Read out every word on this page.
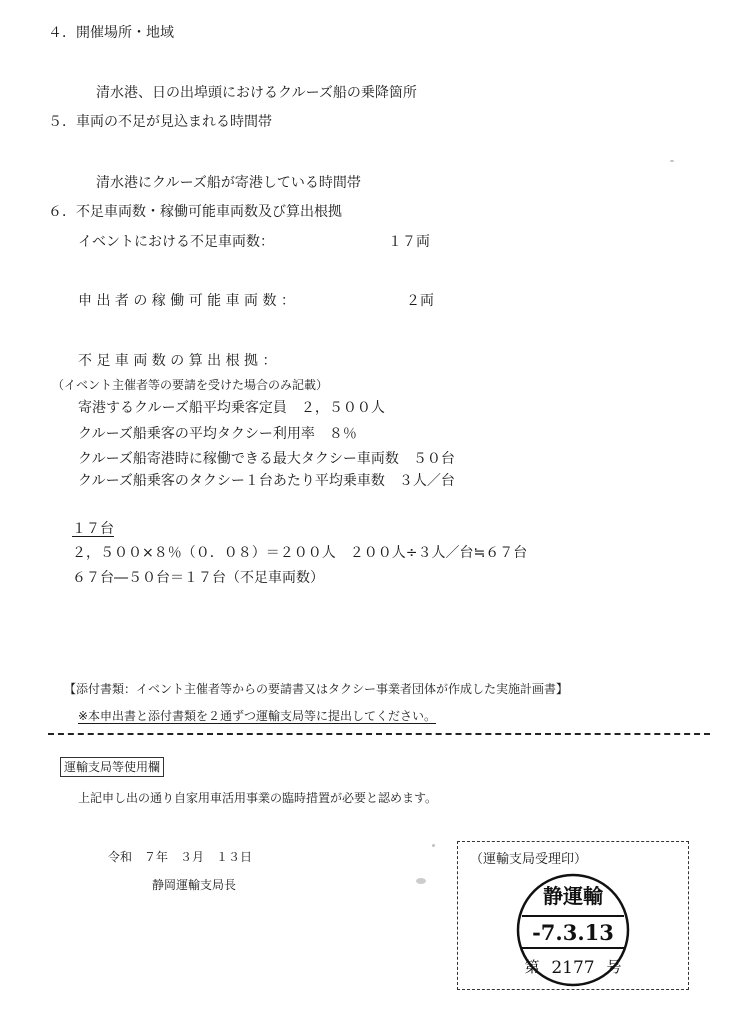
４．開催場所・地域
清水港、日の出埠頭におけるクルーズ船の乗降箇所
５．車両の不足が見込まれる時間帯
清水港にクルーズ船が寄港している時間帯
６．不足車両数・稼働可能車両数及び算出根拠
イベントにおける不足車両数：	１７両
申 出 者 の 稼 働 可 能 車 両 数 ：	２両
不 足 車 両 数 の 算 出 根 拠 ：
（イベント主催者等の要請を受けた場合のみ記載）
寄港するクルーズ船平均乗客定員　２，５００人
クルーズ船乗客の平均タクシー利用率　８％
クルーズ船寄港時に稼働できる最大タクシー車両数　５０台
クルーズ船乗客のタクシー１台あたり平均乗車数　３人／台
１７台
２，５００×８％（０．０８）＝２００人　２００人÷３人／台≒６７台
６７台―５０台＝１７台（不足車両数）
【添付書類：イベント主催者等からの要請書又はタクシー事業者団体が作成した実施計画書】
※本申出書と添付書類を２通ずつ運輸支局等に提出してください。
運輸支局等使用欄
上記申し出の通り自家用車活用事業の臨時措置が必要と認めます。
令和　７年　３月　１３日
静岡運輸支局長
（運輸支局受理印）
静運輸
-7.3.13
第 2177 号
